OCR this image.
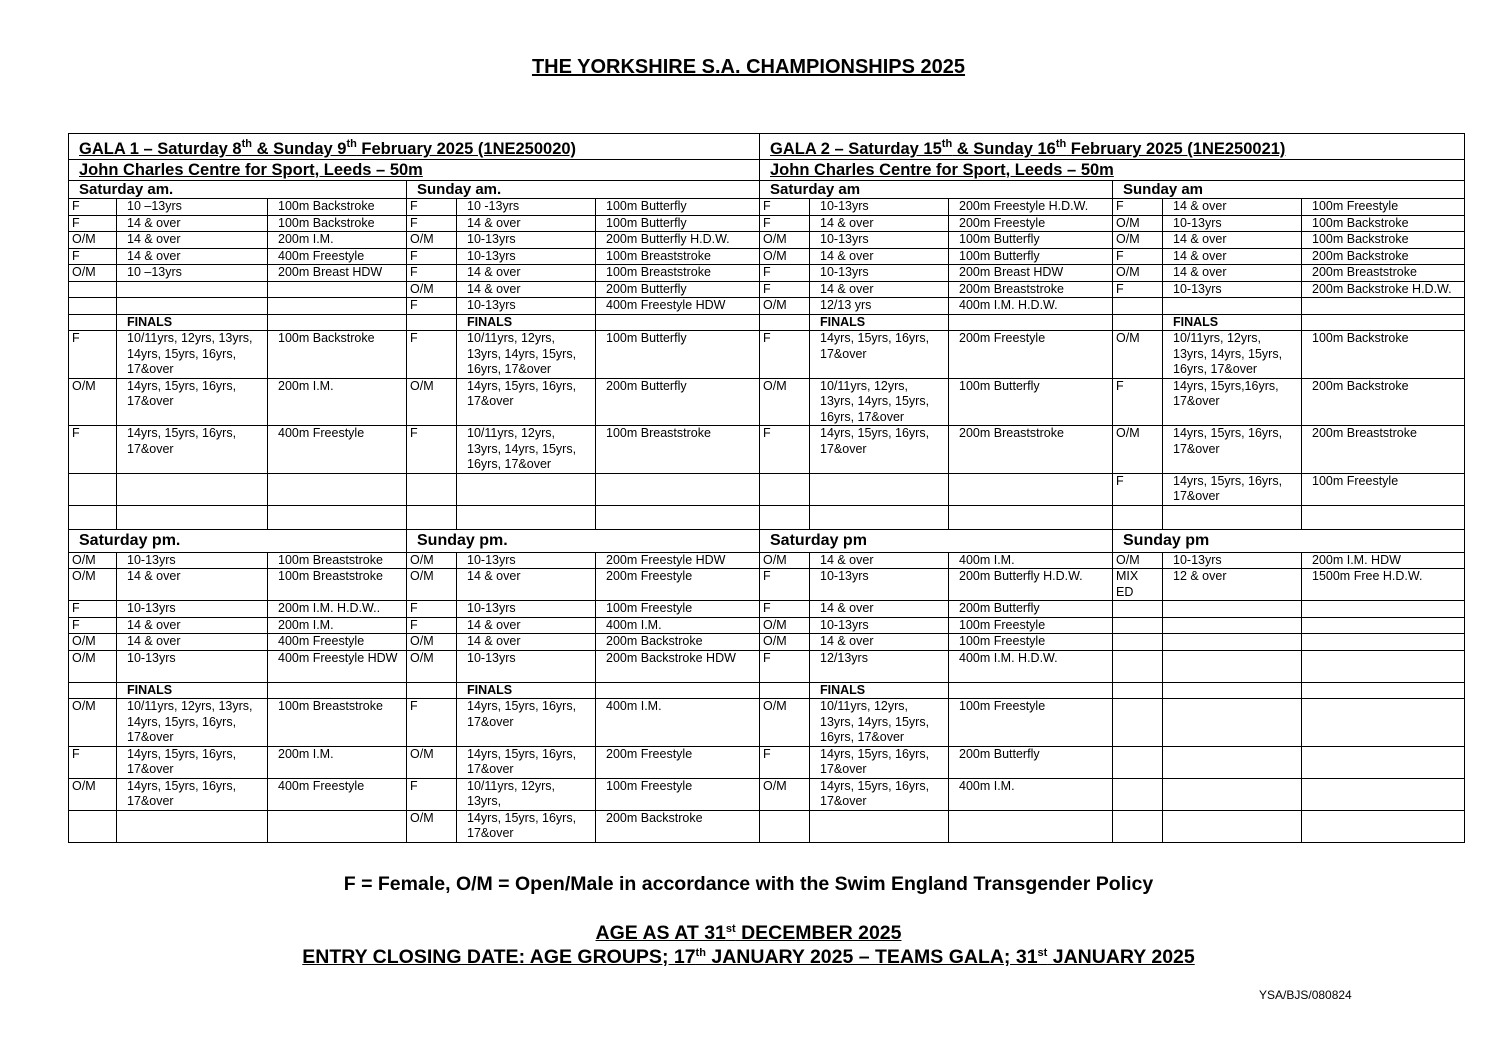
THE YORKSHIRE S.A. CHAMPIONSHIPS 2025
GALA 1 – Saturday 8th & Sunday 9th February 2025 (1NE250020)						GALA 2 – Saturday 15th & Sunday 16th February 2025 (1NE250021)					
John Charles Centre for Sport, Leeds – 50m						John Charles Centre for Sport, Leeds – 50m					
Saturday am.			Sunday am.			Saturday am			Sunday am		
F	10 –13yrs	100m Backstroke	F	10 -13yrs	100m Butterfly	F	10-13yrs	200m Freestyle H.D.W.	F	14 & over	100m Freestyle
F	14 & over	100m Backstroke	F	14 & over	100m Butterfly	F	14 & over	200m Freestyle	O/M	10-13yrs	100m Backstroke
O/M	14 & over	200m I.M.	O/M	10-13yrs	200m Butterfly H.D.W.	O/M	10-13yrs	100m Butterfly	O/M	14 & over	100m Backstroke
F	14 & over	400m Freestyle	F	10-13yrs	100m Breaststroke	O/M	14 & over	100m Butterfly	F	14 & over	200m Backstroke
O/M	10 –13yrs	200m Breast HDW	F	14 & over	100m Breaststroke	F	10-13yrs	200m Breast HDW	O/M	14 & over	200m Breaststroke
			O/M	14 & over	200m Butterfly	F	14 & over	200m Breaststroke	F	10-13yrs	200m Backstroke H.D.W.
			F	10-13yrs	400m Freestyle HDW	O/M	12/13 yrs	400m I.M. H.D.W.			
	FINALS			FINALS			FINALS			FINALS	
F	10/11yrs, 12yrs, 13yrs, 14yrs, 15yrs, 16yrs, 17&over	100m Backstroke	F	10/11yrs, 12yrs, 13yrs, 14yrs, 15yrs, 16yrs, 17&over	100m Butterfly	F	14yrs, 15yrs, 16yrs, 17&over	200m Freestyle	O/M	10/11yrs, 12yrs, 13yrs, 14yrs, 15yrs, 16yrs, 17&over	100m Backstroke
O/M	14yrs, 15yrs, 16yrs, 17&over	200m I.M.	O/M	14yrs, 15yrs, 16yrs, 17&over	200m Butterfly	O/M	10/11yrs, 12yrs, 13yrs, 14yrs, 15yrs, 16yrs, 17&over	100m Butterfly	F	14yrs, 15yrs,16yrs, 17&over	200m Backstroke
F	14yrs, 15yrs, 16yrs, 17&over	400m Freestyle	F	10/11yrs, 12yrs, 13yrs, 14yrs, 15yrs, 16yrs, 17&over	100m Breaststroke	F	14yrs, 15yrs, 16yrs, 17&over	200m Breaststroke	O/M	14yrs, 15yrs, 16yrs, 17&over	200m Breaststroke
									F	14yrs, 15yrs, 16yrs, 17&over	100m Freestyle

Saturday pm.			Sunday pm.			Saturday pm			Sunday pm		
O/M	10-13yrs	100m Breaststroke	O/M	10-13yrs	200m Freestyle HDW	O/M	14 & over	400m I.M.	O/M	10-13yrs	200m I.M. HDW
O/M	14 & over	100m Breaststroke	O/M	14 & over	200m Freestyle	F	10-13yrs	200m Butterfly H.D.W.	MIX ED	12 & over	1500m Free H.D.W.
F	10-13yrs	200m I.M. H.D.W..	F	10-13yrs	100m Freestyle	F	14 & over	200m Butterfly			
F	14 & over	200m I.M.	F	14 & over	400m I.M.	O/M	10-13yrs	100m Freestyle			
O/M	14 & over	400m Freestyle	O/M	14 & over	200m Backstroke	O/M	14 & over	100m Freestyle			
O/M	10-13yrs	400m Freestyle HDW	O/M	10-13yrs	200m Backstroke HDW	F	12/13yrs	400m I.M. H.D.W.			
	FINALS			FINALS			FINALS				
O/M	10/11yrs, 12yrs, 13yrs, 14yrs, 15yrs, 16yrs, 17&over	100m Breaststroke	F	14yrs, 15yrs, 16yrs, 17&over	400m I.M.	O/M	10/11yrs, 12yrs, 13yrs, 14yrs, 15yrs, 16yrs, 17&over	100m Freestyle			
F	14yrs, 15yrs, 16yrs, 17&over	200m I.M.	O/M	14yrs, 15yrs, 16yrs, 17&over	200m Freestyle	F	14yrs, 15yrs, 16yrs, 17&over	200m Butterfly			
O/M	14yrs, 15yrs, 16yrs, 17&over	400m Freestyle	F	10/11yrs, 12yrs, 13yrs,	100m Freestyle	O/M	14yrs, 15yrs, 16yrs, 17&over	400m I.M.			
			O/M	14yrs, 15yrs, 16yrs, 17&over	200m Backstroke						
F = Female, O/M = Open/Male in accordance with the Swim England Transgender Policy
AGE AS AT 31st DECEMBER 2025
ENTRY CLOSING DATE: AGE GROUPS; 17th JANUARY 2025 – TEAMS GALA; 31st JANUARY 2025
YSA/BJS/080824
